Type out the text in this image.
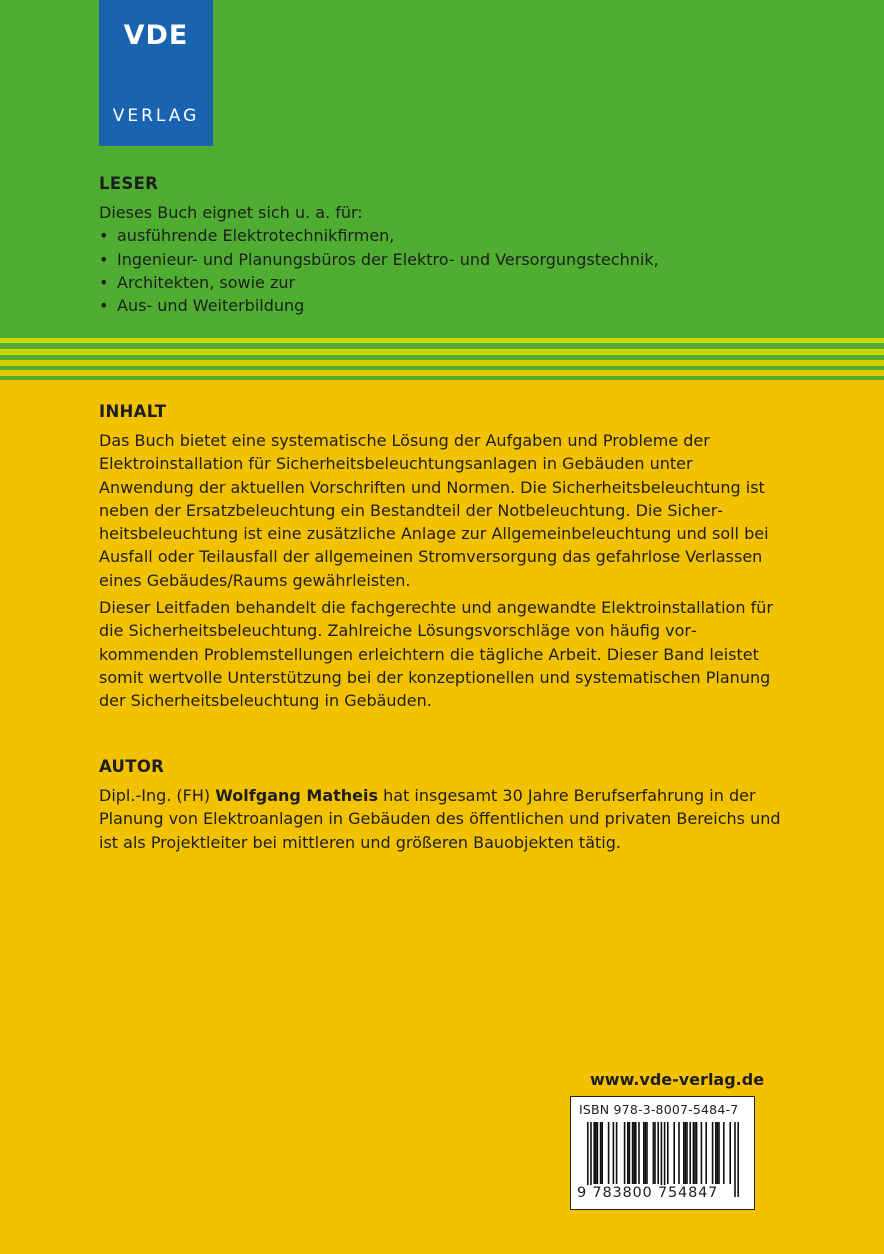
VDE
VERLAG
LESER

Dieses Buch eignet sich u. a. für:

• ausführende Elektrotechnikfirmen,
• Ingenieur- und Planungsbüros der Elektro- und Versorgungstechnik,
• Architekten, sowie zur
• Aus- und Weiterbildung
INHALT

Das Buch bietet eine systematische Lösung der Aufgaben und Probleme der Elektroinstallation für Sicherheitsbeleuchtungsanlagen in Gebäuden unter Anwendung der aktuellen Vorschriften und Normen. Die Sicherheitsbeleuchtung ist neben der Ersatzbeleuchtung ein Bestandteil der Notbeleuchtung. Die Sicherheitsbeleuchtung ist eine zusätzliche Anlage zur Allgemeinbeleuchtung und soll bei Ausfall oder Teilausfall der allgemeinen Stromversorgung das gefahrlose Verlassen eines Gebäudes/Raums gewährleisten.

Dieser Leitfaden behandelt die fachgerechte und angewandte Elektroinstallation für die Sicherheitsbeleuchtung. Zahlreiche Lösungsvorschläge von häufig vorkommenden Problemstellungen erleichtern die tägliche Arbeit. Dieser Band leistet somit wertvolle Unterstützung bei der konzeptionellen und systematischen Planung der Sicherheitsbeleuchtung in Gebäuden.

AUTOR

Dipl.-Ing. (FH) Wolfgang Matheis hat insgesamt 30 Jahre Berufserfahrung in der Planung von Elektroanlagen in Gebäuden des öffentlichen und privaten Bereichs und ist als Projektleiter bei mittleren und größeren Bauobjekten tätig.

www.vde-verlag.de
ISBN 978-3-8007-5484-7
9 783800 754847
